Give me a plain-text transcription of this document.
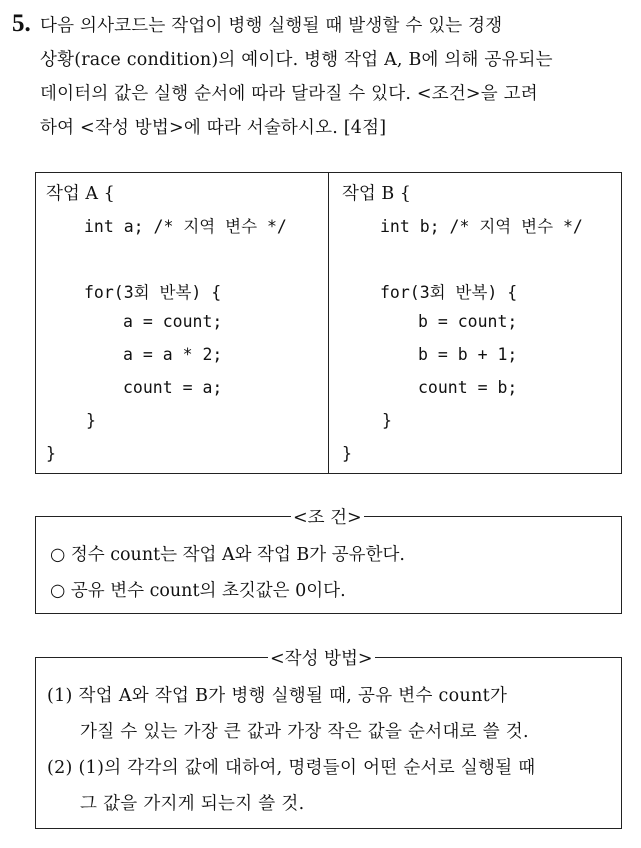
5. 다음 의사코드는 작업이 병행 실행될 때 발생할 수 있는 경쟁
상황(race condition)의 예이다. 병행 작업 A, B에 의해 공유되는
데이터의 값은 실행 순서에 따라 달라질 수 있다. <조건>을 고려
하여 <작성 방법>에 따라 서술하시오. [4점]
작업 A {
int a; /* 지역 변수 */
for(3회 반복) {
a = count;
a = a * 2;
count = a;
}
}
작업 B {
int b; /* 지역 변수 */
for(3회 반복) {
b = count;
b = b + 1;
count = b;
}
}
<조 건>
○ 정수 count는 작업 A와 작업 B가 공유한다.
○ 공유 변수 count의 초깃값은 0이다.
<작성 방법>
(1) 작업 A와 작업 B가 병행 실행될 때, 공유 변수 count가
가질 수 있는 가장 큰 값과 가장 작은 값을 순서대로 쓸 것.
(2) (1)의 각각의 값에 대하여, 명령들이 어떤 순서로 실행될 때
그 값을 가지게 되는지 쓸 것.
